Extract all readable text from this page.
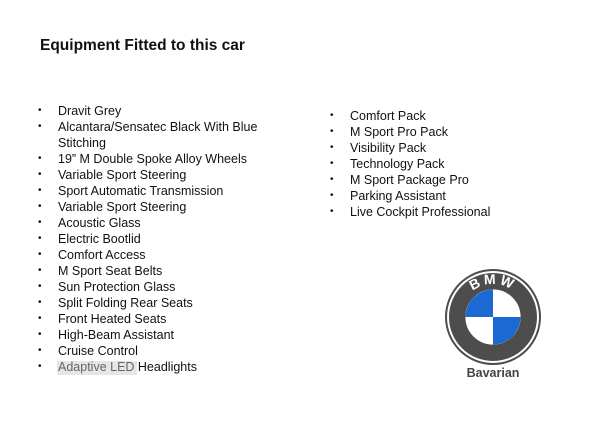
Equipment Fitted to this car
• Dravit Grey
• Alcantara/Sensatec Black With Blue Stitching
• 19” M Double Spoke Alloy Wheels
• Variable Sport Steering
• Sport Automatic Transmission
• Variable Sport Steering
• Acoustic Glass
• Electric Bootlid
• Comfort Access
• M Sport Seat Belts
• Sun Protection Glass
• Split Folding Rear Seats
• Front Heated Seats
• High-Beam Assistant
• Cruise Control
• Adaptive LED Headlights
• Comfort Pack
• M Sport Pro Pack
• Visibility Pack
• Technology Pack
• M Sport Package Pro
• Parking Assistant
• Live Cockpit Professional
BMW
Bavarian
